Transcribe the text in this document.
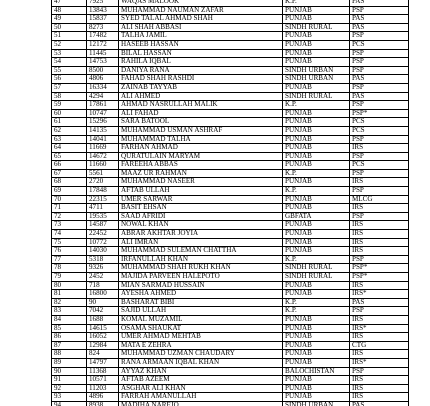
47	7925	WAQAS MALOOK	K.P.	PAS
48	13843	MUHAMMAD NAUMAN ZAFAR	PUNJAB	PSP
49	15837	SYED TALAL AHMAD SHAH	PUNJAB	PAS
50	8273	ALI SHAH ABBASI	SINDH RURAL	PAS
51	17482	TALHA JAMIL	PUNJAB	PSP
52	12172	HASEEB HASSAN	PUNJAB	PCS
53	11445	BILAL HASSAN	PUNJAB	PSP
54	14753	RAHILA IQBAL	PUNJAB	PSP
55	8500	DANIYA RANA	SINDH URBAN	PSP
56	4806	FAHAD SHAH RASHDI	SINDH URBAN	PAS
57	16334	ZAINAB TAYYAB	PUNJAB	PSP
58	4294	ALI AHMED	SINDH RURAL	PAS
59	17861	AHMAD NASRULLAH MALIK	K.P.	PSP
60	10747	ALI FAHAD	PUNJAB	PSP*
61	15296	SARA BATOOL	PUNJAB	PCS
62	14135	MUHAMMAD USMAN ASHRAF	PUNJAB	PCS
63	14041	MUHAMMAD TALHA	PUNJAB	PSP
64	11669	FARHAN AHMAD	PUNJAB	IRS
65	14672	QURATULAIN MARYAM	PUNJAB	PSP
66	11660	FAREEHA ABBAS	PUNJAB	PCS
67	5561	MAAZ UR RAHMAN	K.P.	PSP
68	2720	MUHAMMAD NASEER	PUNJAB	IRS
69	17848	AFTAB ULLAH	K.P.	PSP
70	22315	UMER SARWAR	PUNJAB	MLCG
71	4711	BASIT EHSAN	PUNJAB	IRS
72	19535	SAAD AFRIDI	GBFATA	PSP
73	14587	NOWAL KHAN	PUNJAB	IRS
74	22452	ABRAR AKHTAR JOYIA	PUNJAB	IRS
75	10772	ALI IMRAN	PUNJAB	IRS
76	14030	MUHAMMAD SULEMAN CHATTHA	PUNJAB	IRS
77	5318	IRFANULLAH KHAN	K.P.	PSP
78	9326	MUHAMMAD SHAH RUKH KHAN	SINDH RURAL	PSP*
79	2452	MAJIDA PARVEEN HALEPOTO	SINDH RURAL	PSP*
80	718	MIAN SARMAD HUSSAIN	PUNJAB	IRS
81	16800	AYESHA AHMED	PUNJAB	IRS*
82	90	BASHARAT BIBI	K.P.	PAS
83	7042	SAJID ULLAH	K.P.	PSP
84	1688	KOMAL MUZAMIL	PUNJAB	IRS
85	14615	OSAMA SHAUKAT	PUNJAB	IRS*
86	16052	UMER AHMAD MEHTAB	PUNJAB	IRS
87	12984	MATA E ZEHRA	PUNJAB	CTG
88	824	MUHAMMAD UZMAN CHAUDARY	PUNJAB	IRS
89	14797	RANA ARMAAN IQBAL KHAN	PUNJAB	IRS*
90	11368	AYYAZ KHAN	BALOCHISTAN	PSP
91	10571	AFTAB AZEEM	PUNJAB	IRS
92	11203	ASGHAR ALI KHAN	PUNJAB	IRS
93	4896	FARRAH AMANULLAH	PUNJAB	IRS
94	8938	MADIHA NAREJO	SINDH URBAN	PAS
